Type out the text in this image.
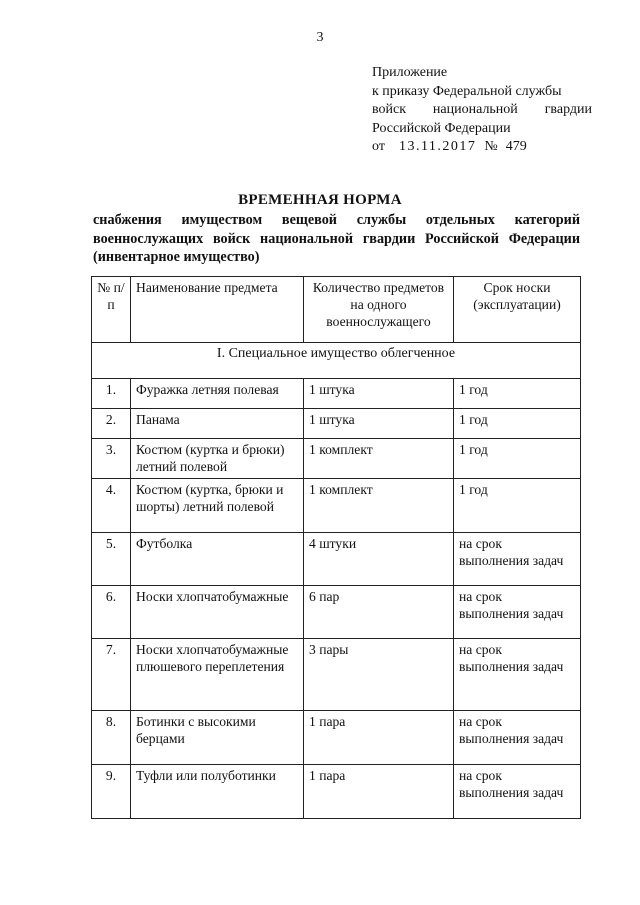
3
Приложение
к приказу Федеральной службы
войск национальной гвардии
Российской Федерации
от 13.11.2017 № 479
ВРЕМЕННАЯ НОРМА
снабжения имуществом вещевой службы отдельных категорий
военнослужащих войск национальной гвардии Российской Федерации
(инвентарное имущество)
№ п/п	Наименование предмета	Количество предметов на одного военнослужащего	Срок носки (эксплуатации)
I. Специальное имущество облегченное			
1.	Фуражка летняя полевая	1 штука	1 год
2.	Панама	1 штука	1 год
3.	Костюм (куртка и брюки) летний полевой	1 комплект	1 год
4.	Костюм (куртка, брюки и шорты) летний полевой	1 комплект	1 год
5.	Футболка	4 штуки	на срок выполнения задач
6.	Носки хлопчатобумажные	6 пар	на срок выполнения задач
7.	Носки хлопчатобумажные плюшевого переплетения	3 пары	на срок выполнения задач
8.	Ботинки с высокими берцами	1 пара	на срок выполнения задач
9.	Туфли или полуботинки	1 пара	на срок выполнения задач
